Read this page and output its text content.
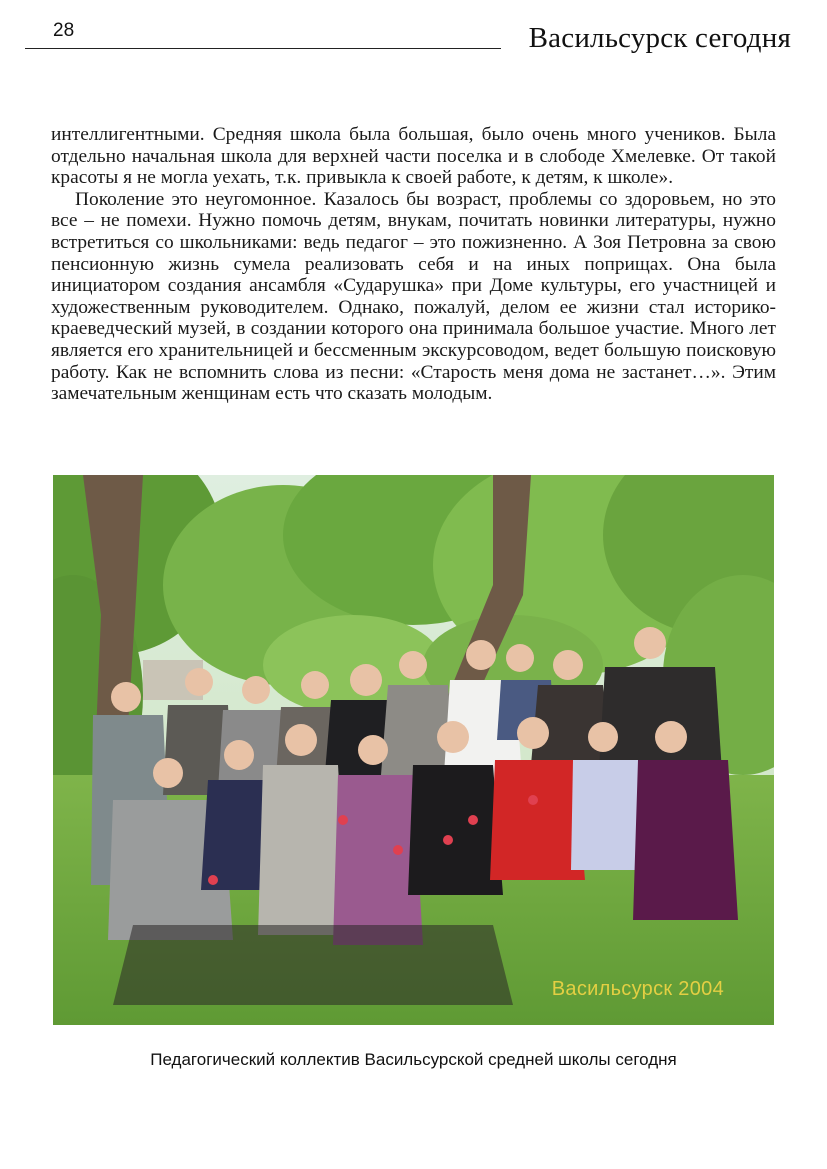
28	Васильсурск сегодня

интеллигентными. Средняя школа была большая, было очень много учеников. Была отдельно начальная школа для верхней части поселка и в слободе Хмелевке. От такой красоты я не могла уехать, т.к. привыкла к своей работе, к детям, к школе».

Поколение это неугомонное. Казалось бы возраст, проблемы со здоровьем, но это все – не помехи. Нужно помочь детям, внукам, почитать новинки литературы, нужно встретиться со школьниками: ведь педагог – это пожизненно. А Зоя Петровна за свою пенсионную жизнь сумела реализовать себя и на иных поприщах. Она была инициатором создания ансамбля «Сударушка» при Доме культуры, его участницей и художественным руководителем. Однако, пожалуй, делом ее жизни стал историко-краеведческий музей, в создании которого она принимала большое участие. Много лет является его хранительницей и бессменным экскурсоводом, ведет большую поисковую работу. Как не вспомнить слова из песни: «Старость меня дома не застанет…». Этим замечательным женщинам есть что сказать молодым.

Васильсурск 2004
Педагогический коллектив Васильсурской средней школы сегодня
